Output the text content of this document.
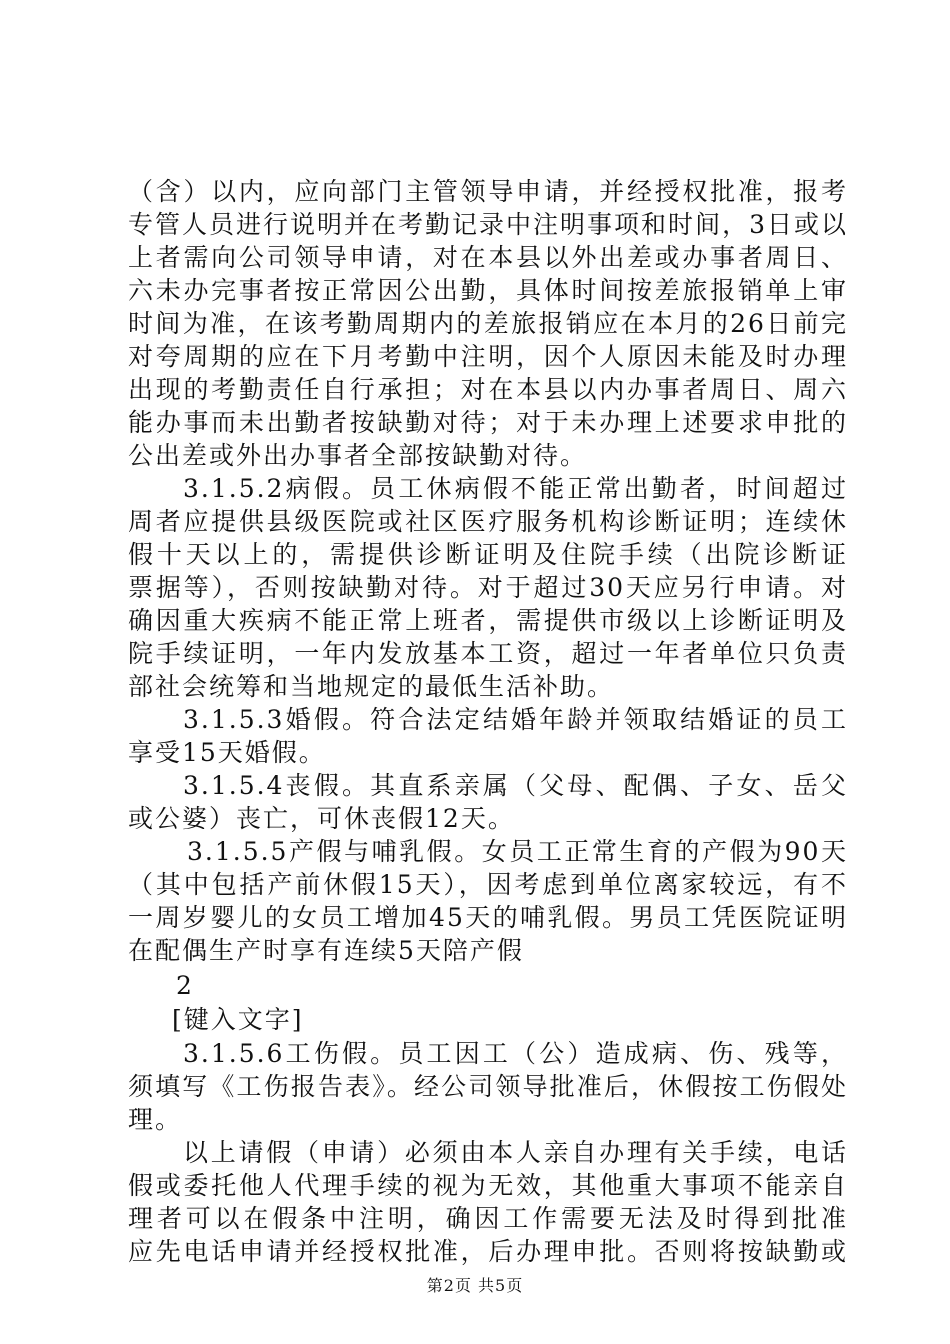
（含）以内，应向部门主管领导申请，并经授权批准，报考
专管人员进行说明并在考勤记录中注明事项和时间，3日或以
上者需向公司领导申请，对在本县以外出差或办事者周日、
六未办完事者按正常因公出勤，具体时间按差旅报销单上审
时间为准，在该考勤周期内的差旅报销应在本月的26日前完
对夸周期的应在下月考勤中注明，因个人原因未能及时办理
出现的考勤责任自行承担；对在本县以内办事者周日、周六
能办事而未出勤者按缺勤对待；对于未办理上述要求申批的
公出差或外出办事者全部按缺勤对待。
3.1.5.2病假。员工休病假不能正常出勤者，时间超过
周者应提供县级医院或社区医疗服务机构诊断证明；连续休
假十天以上的，需提供诊断证明及住院手续（出院诊断证
票据等），否则按缺勤对待。对于超过30天应另行申请。对
确因重大疾病不能正常上班者，需提供市级以上诊断证明及
院手续证明，一年内发放基本工资，超过一年者单位只负责
部社会统筹和当地规定的最低生活补助。
3.1.5.3婚假。符合法定结婚年龄并领取结婚证的员工
享受15天婚假。
3.1.5.4丧假。其直系亲属（父母、配偶、子女、岳父
或公婆）丧亡，可休丧假12天。
3.1.5.5产假与哺乳假。女员工正常生育的产假为90天
（其中包括产前休假15天），因考虑到单位离家较远，有不
一周岁婴儿的女员工增加45天的哺乳假。男员工凭医院证明
在配偶生产时享有连续5天陪产假
2
[键入文字]
3.1.5.6工伤假。员工因工（公）造成病、伤、残等，
须填写《工伤报告表》。经公司领导批准后，休假按工伤假处
理。
以上请假（申请）必须由本人亲自办理有关手续，电话
假或委托他人代理手续的视为无效，其他重大事项不能亲自
理者可以在假条中注明，确因工作需要无法及时得到批准
应先电话申请并经授权批准，后办理申批。否则将按缺勤或
第2页 共5页
